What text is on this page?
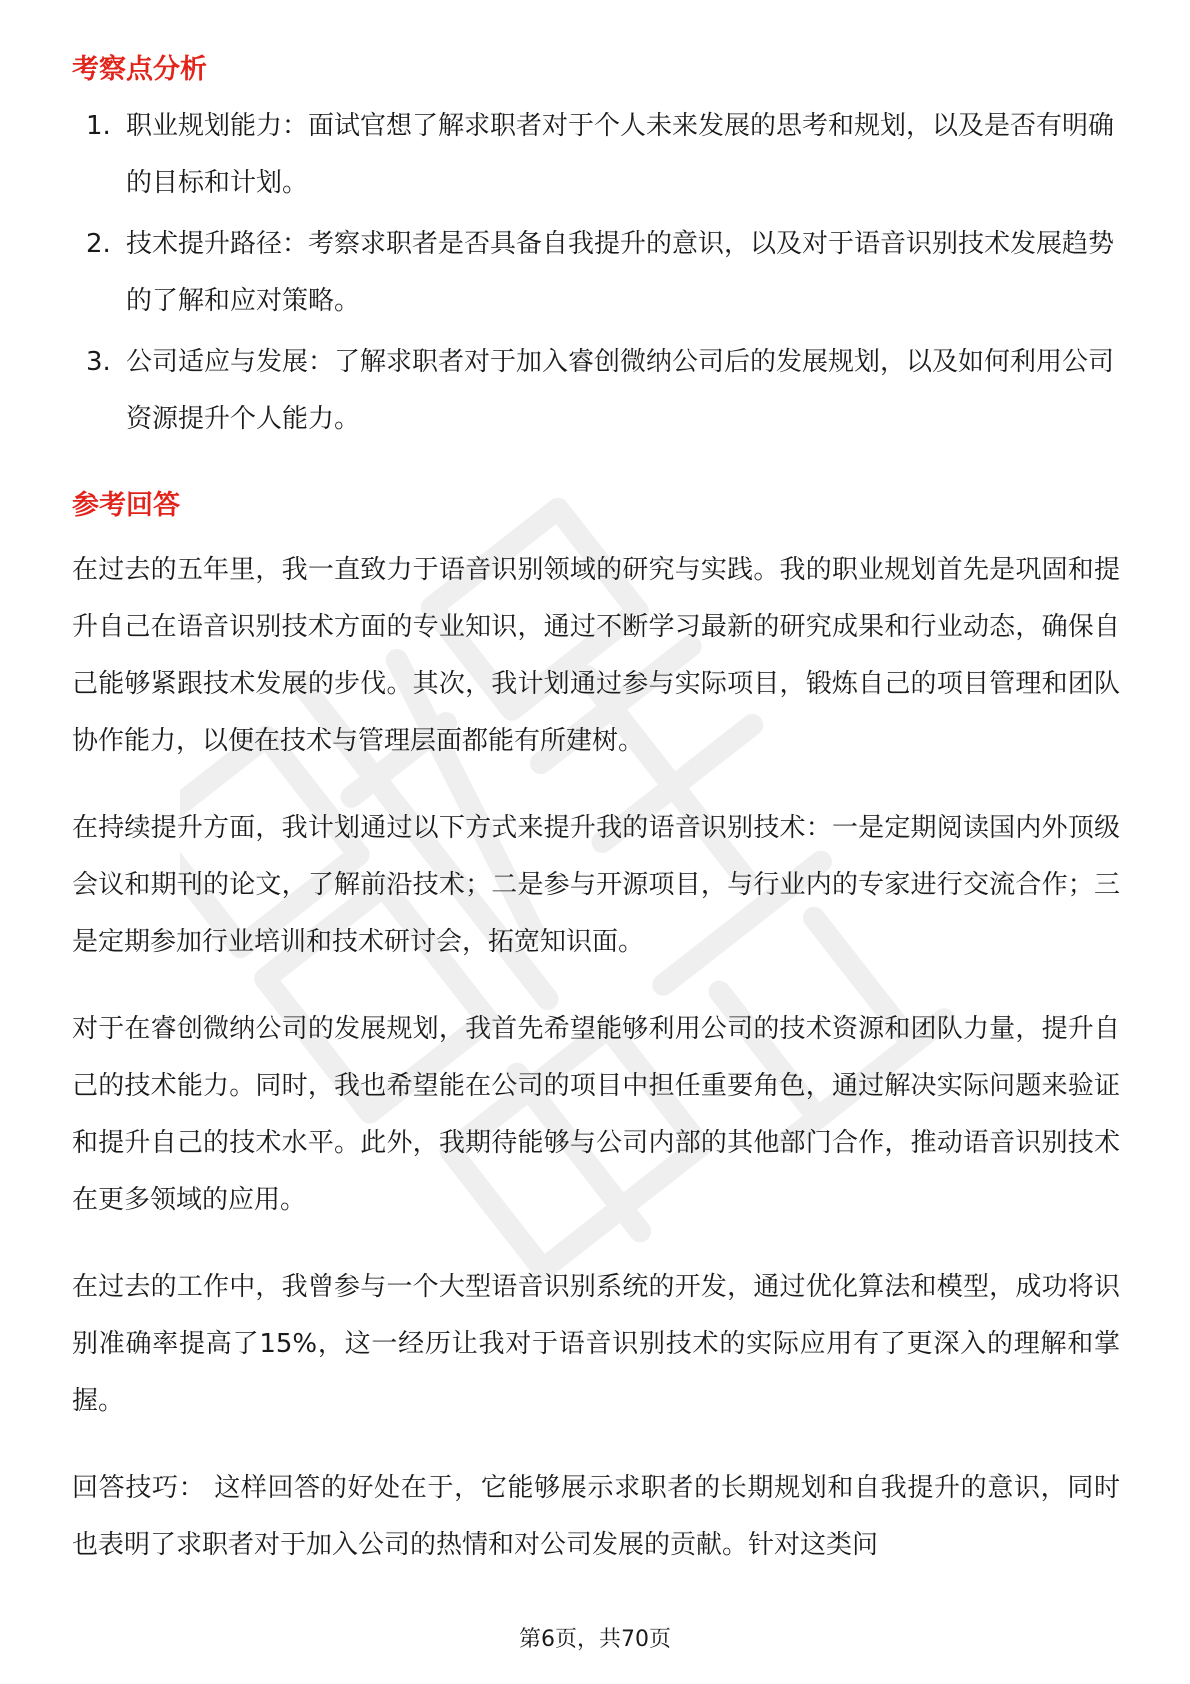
考察点分析
1. 职业规划能力：面试官想了解求职者对于个人未来发展的思考和规划，以及是否有明确的目标和计划。
2. 技术提升路径：考察求职者是否具备自我提升的意识，以及对于语音识别技术发展趋势的了解和应对策略。
3. 公司适应与发展：了解求职者对于加入睿创微纳公司后的发展规划，以及如何利用公司资源提升个人能力。
参考回答

在过去的五年里，我一直致力于语音识别领域的研究与实践。我的职业规划首先是巩固和提升自己在语音识别技术方面的专业知识，通过不断学习最新的研究成果和行业动态，确保自己能够紧跟技术发展的步伐。其次，我计划通过参与实际项目，锻炼自己的项目管理和团队协作能力，以便在技术与管理层面都能有所建树。

在持续提升方面，我计划通过以下方式来提升我的语音识别技术：一是定期阅读国内外顶级会议和期刊的论文，了解前沿技术；二是参与开源项目，与行业内的专家进行交流合作；三是定期参加行业培训和技术研讨会，拓宽知识面。

对于在睿创微纳公司的发展规划，我首先希望能够利用公司的技术资源和团队力量，提升自己的技术能力。同时，我也希望能在公司的项目中担任重要角色，通过解决实际问题来验证和提升自己的技术水平。此外，我期待能够与公司内部的其他部门合作，推动语音识别技术在更多领域的应用。

在过去的工作中，我曾参与一个大型语音识别系统的开发，通过优化算法和模型，成功将识别准确率提高了15%，这一经历让我对于语音识别技术的实际应用有了更深入的理解和掌握。

回答技巧： 这样回答的好处在于，它能够展示求职者的长期规划和自我提升的意识，同时也表明了求职者对于加入公司的热情和对公司发展的贡献。针对这类问

第6页，共70页
